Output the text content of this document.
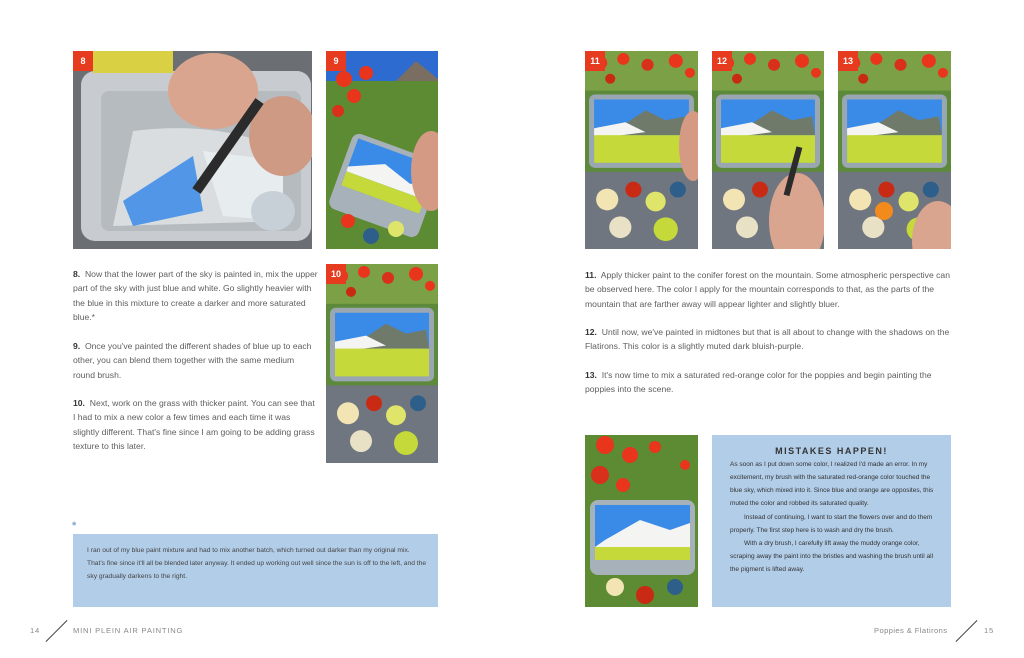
8	9
10
8. Now that the lower part of the sky is painted in, mix the upper part of the sky with just blue and white. Go slightly heavier with the blue in this mixture to create a darker and more saturated blue.*
9. Once you've painted the different shades of blue up to each other, you can blend them together with the same medium round brush.
10. Next, work on the grass with thicker paint. You can see that I had to mix a new color a few times and each time it was slightly different. That's fine since I am going to be adding grass texture to this later.
*
I ran out of my blue paint mixture and had to mix another batch, which turned out darker than my original mix. That's fine since it'll all be blended later anyway. It ended up working out well since the sun is off to the left, and the sky gradually darkens to the right.
14	MINI PLEIN AIR PAINTING
11	12	13
11. Apply thicker paint to the conifer forest on the mountain. Some atmospheric perspective can be observed here. The color I apply for the mountain corresponds to that, as the parts of the mountain that are farther away will appear lighter and slightly bluer.
12. Until now, we've painted in midtones but that is all about to change with the shadows on the Flatirons. This color is a slightly muted dark bluish-purple.
13. It's now time to mix a saturated red-orange color for the poppies and begin painting the poppies into the scene.
MISTAKES HAPPEN!
As soon as I put down some color, I realized I'd made an error. In my excitement, my brush with the saturated red-orange color touched the blue sky, which mixed into it. Since blue and orange are opposites, this muted the color and robbed its saturated quality.
Instead of continuing, I want to start the flowers over and do them properly. The first step here is to wash and dry the brush.
With a dry brush, I carefully lift away the muddy orange color, scraping away the paint into the bristles and washing the brush until all the pigment is lifted away.
Poppies & Flatirons	15
